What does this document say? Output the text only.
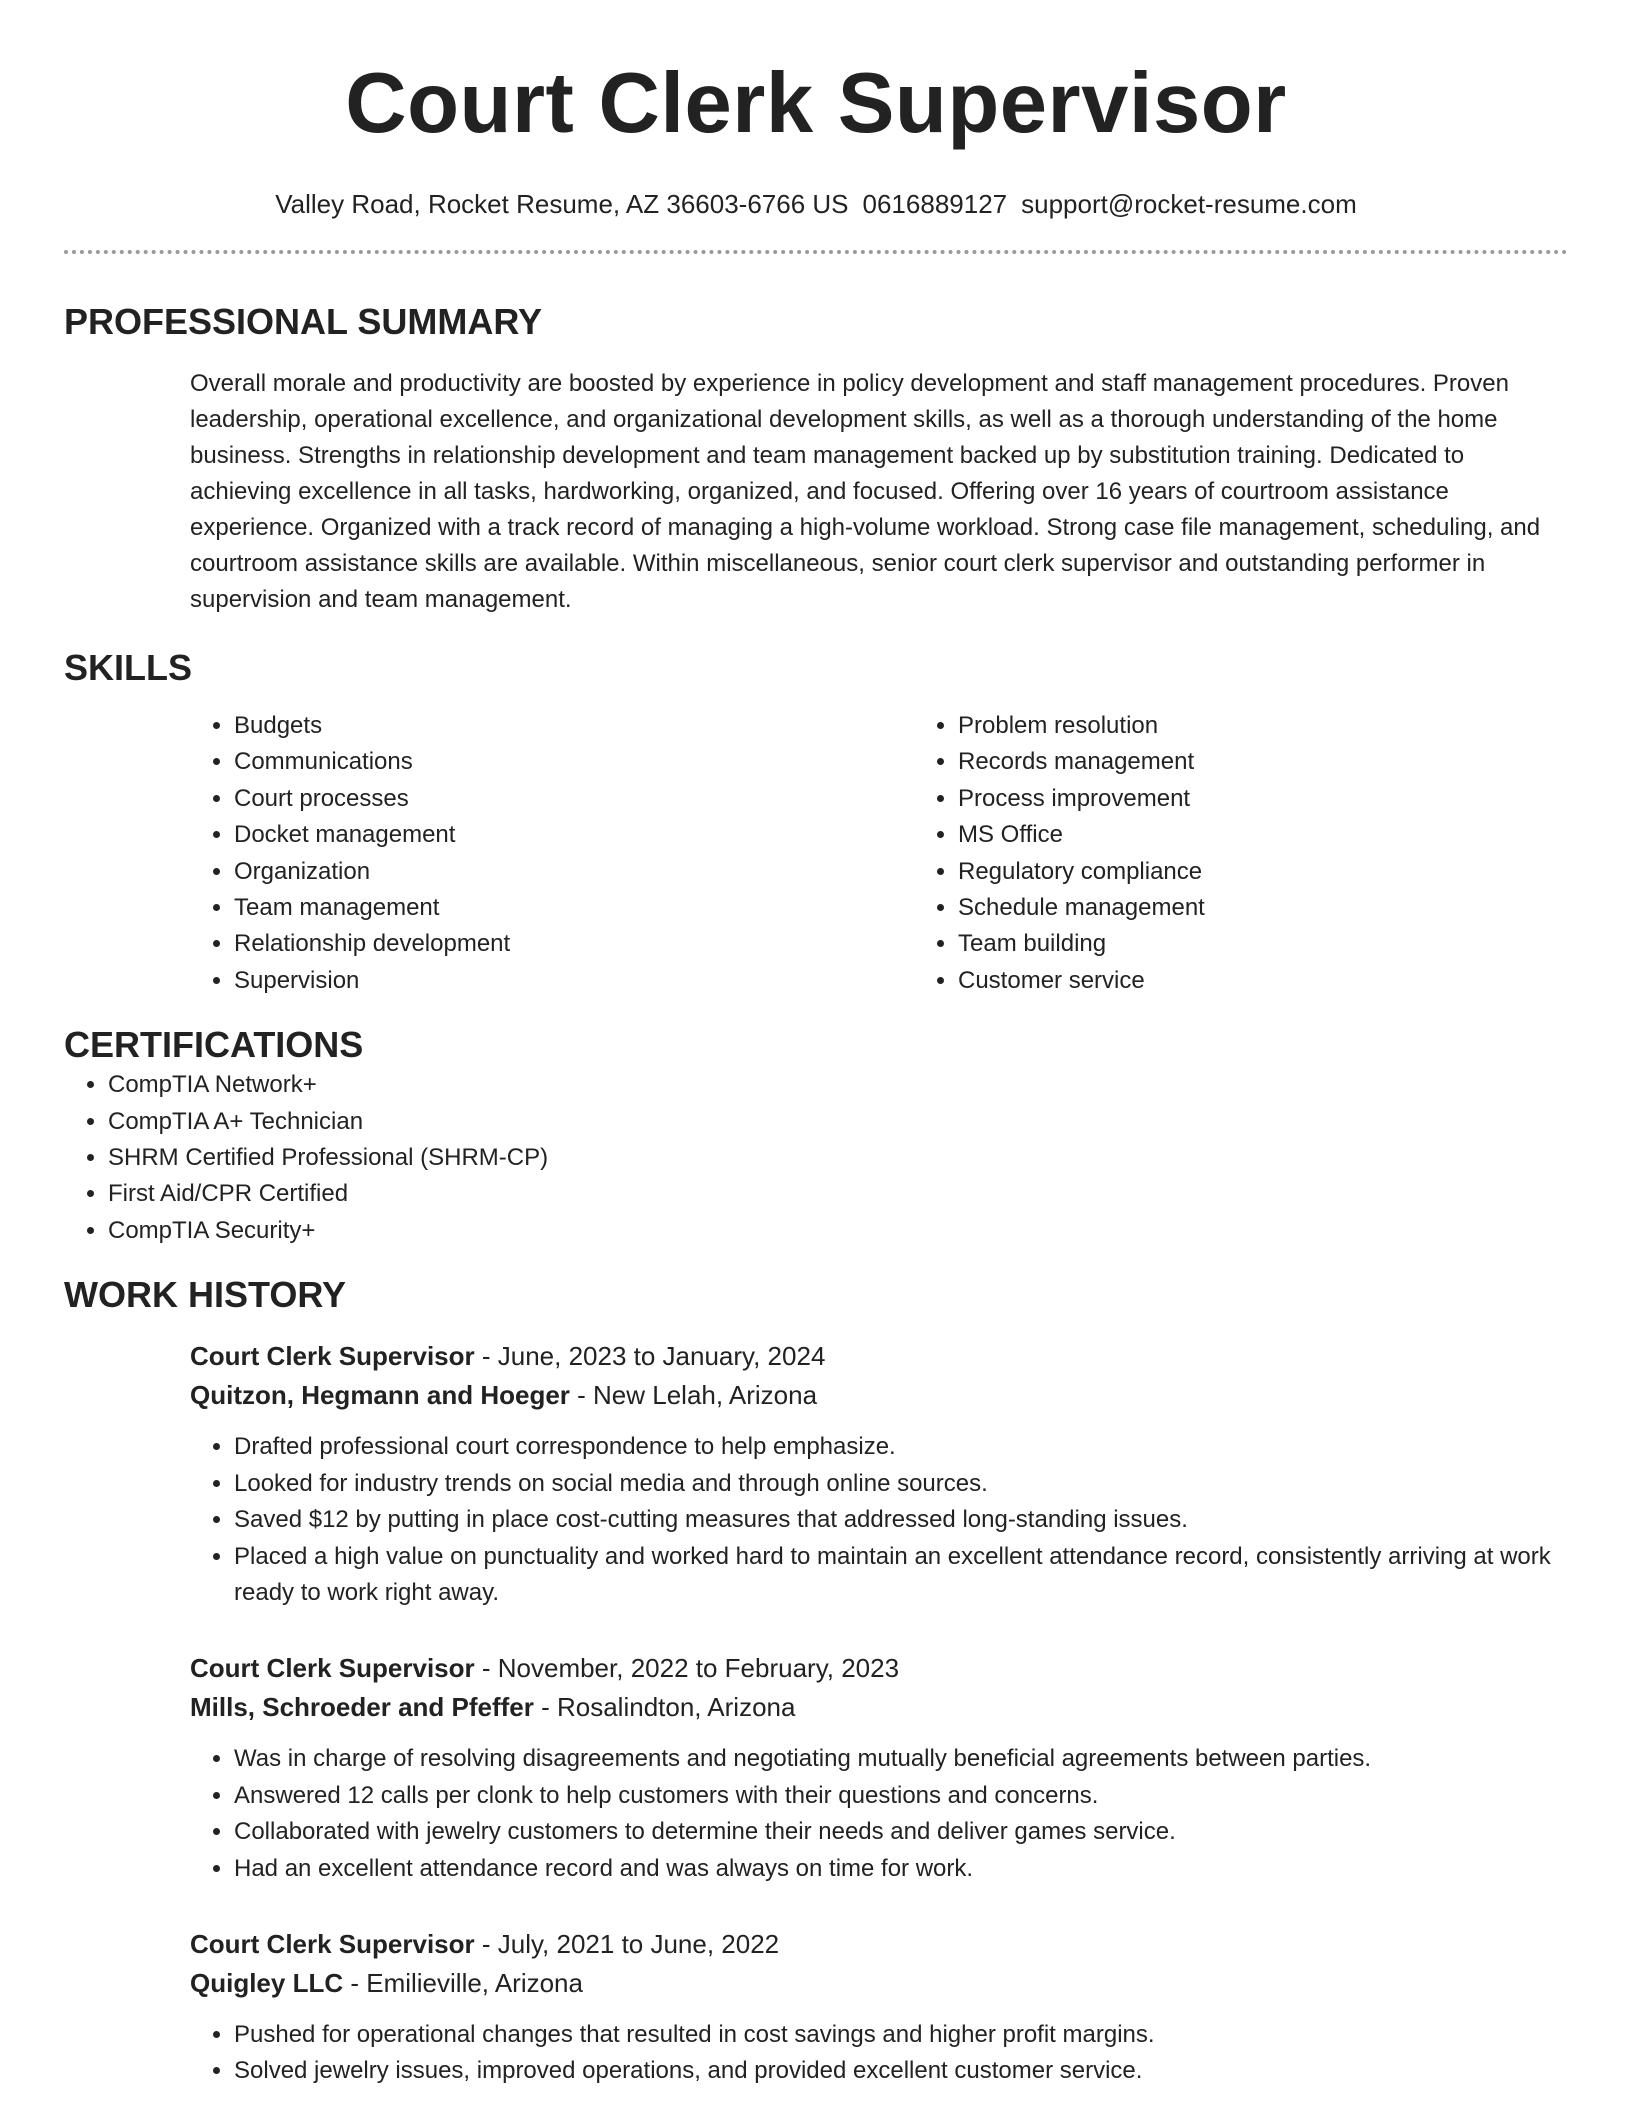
Court Clerk Supervisor
Valley Road, Rocket Resume, AZ 36603-6766 US 0616889127 support@rocket-resume.com
PROFESSIONAL SUMMARY

Overall morale and productivity are boosted by experience in policy development and staff management procedures. Proven leadership, operational excellence, and organizational development skills, as well as a thorough understanding of the home business. Strengths in relationship development and team management backed up by substitution training. Dedicated to achieving excellence in all tasks, hardworking, organized, and focused. Offering over 16 years of courtroom assistance experience. Organized with a track record of managing a high-volume workload. Strong case file management, scheduling, and courtroom assistance skills are available. Within miscellaneous, senior court clerk supervisor and outstanding performer in supervision and team management.

SKILLS
• Budgets
• Communications
• Court processes
• Docket management
• Organization
• Team management
• Relationship development
• Supervision
• Problem resolution
• Records management
• Process improvement
• MS Office
• Regulatory compliance
• Schedule management
• Team building
• Customer service
CERTIFICATIONS
• CompTIA Network+
• CompTIA A+ Technician
• SHRM Certified Professional (SHRM-CP)
• First Aid/CPR Certified
• CompTIA Security+
WORK HISTORY
Court Clerk Supervisor - June, 2023 to January, 2024
Quitzon, Hegmann and Hoeger - New Lelah, Arizona
• Drafted professional court correspondence to help emphasize.
• Looked for industry trends on social media and through online sources.
• Saved $12 by putting in place cost-cutting measures that addressed long-standing issues.
• Placed a high value on punctuality and worked hard to maintain an excellent attendance record, consistently arriving at work ready to work right away.
Court Clerk Supervisor - November, 2022 to February, 2023
Mills, Schroeder and Pfeffer - Rosalindton, Arizona
• Was in charge of resolving disagreements and negotiating mutually beneficial agreements between parties.
• Answered 12 calls per clonk to help customers with their questions and concerns.
• Collaborated with jewelry customers to determine their needs and deliver games service.
• Had an excellent attendance record and was always on time for work.
Court Clerk Supervisor - July, 2021 to June, 2022
Quigley LLC - Emilieville, Arizona
• Pushed for operational changes that resulted in cost savings and higher profit margins.
• Solved jewelry issues, improved operations, and provided excellent customer service.
